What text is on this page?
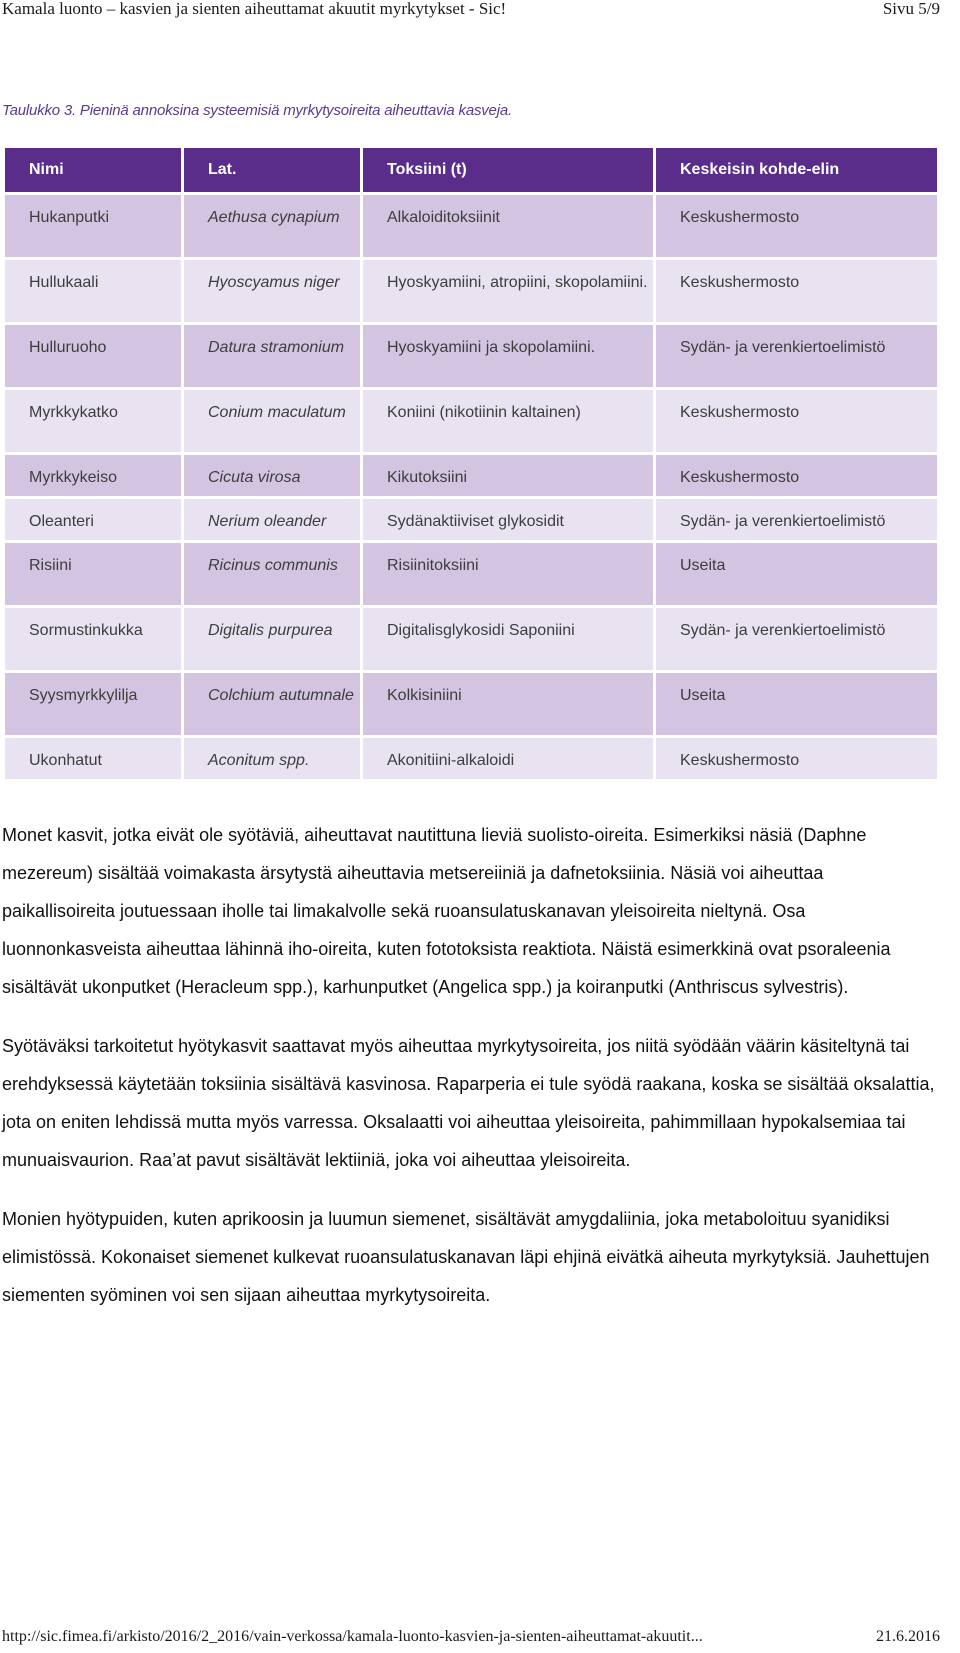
Kamala luonto – kasvien ja sienten aiheuttamat akuutit myrkytykset - Sic!	Sivu 5/9
Taulukko 3. Pieninä annoksina systeemisiä myrkytysoireita aiheuttavia kasveja.
Nimi	Lat.	Toksiini (t)	Keskeisin kohde-elin
Hukanputki	Aethusa cynapium	Alkaloiditoksiinit	Keskushermosto
Hullukaali	Hyoscyamus niger	Hyoskyamiini, atropiini, skopolamiini.	Keskushermosto
Hulluruoho	Datura stramonium	Hyoskyamiini ja skopolamiini.	Sydän- ja verenkiertoelimistö
Myrkkykatko	Conium maculatum	Koniini (nikotiinin kaltainen)	Keskushermosto
Myrkkykeiso	Cicuta virosa	Kikutoksiini	Keskushermosto
Oleanteri	Nerium oleander	Sydänaktiiviset glykosidit	Sydän- ja verenkiertoelimistö
Risiini	Ricinus communis	Risiinitoksiini	Useita
Sormustinkukka	Digitalis purpurea	Digitalisglykosidi Saponiini	Sydän- ja verenkiertoelimistö
Syysmyrkkylilja	Colchium autumnale	Kolkisiniini	Useita
Ukonhatut	Aconitum spp.	Akonitiini-alkaloidi	Keskushermosto

Monet kasvit, jotka eivät ole syötäviä, aiheuttavat nautittuna lieviä suolisto-oireita. Esimerkiksi näsiä (Daphne mezereum) sisältää voimakasta ärsytystä aiheuttavia metsereiiniä ja dafnetoksiinia. Näsiä voi aiheuttaa paikallisoireita joutuessaan iholle tai limakalvolle sekä ruoansulatuskanavan yleisoireita nieltynä. Osa luonnonkasveista aiheuttaa lähinnä iho-oireita, kuten fototoksista reaktiota. Näistä esimerkkinä ovat psoraleenia sisältävät ukonputket (Heracleum spp.), karhunputket (Angelica spp.) ja koiranputki (Anthriscus sylvestris).

Syötäväksi tarkoitetut hyötykasvit saattavat myös aiheuttaa myrkytysoireita, jos niitä syödään väärin käsiteltynä tai erehdyksessä käytetään toksiinia sisältävä kasvinosa. Raparperia ei tule syödä raakana, koska se sisältää oksalattia, jota on eniten lehdissä mutta myös varressa. Oksalaatti voi aiheuttaa yleisoireita, pahimmillaan hypokalsemiaa tai munuaisvaurion. Raa’at pavut sisältävät lektiiniä, joka voi aiheuttaa yleisoireita.

Monien hyötypuiden, kuten aprikoosin ja luumun siemenet, sisältävät amygdaliinia, joka metaboloituu syanidiksi elimistössä. Kokonaiset siemenet kulkevat ruoansulatuskanavan läpi ehjinä eivätkä aiheuta myrkytyksiä. Jauhettujen siementen syöminen voi sen sijaan aiheuttaa myrkytysoireita.

http://sic.fimea.fi/arkisto/2016/2_2016/vain-verkossa/kamala-luonto-kasvien-ja-sienten-aiheuttamat-akuutit...	21.6.2016
